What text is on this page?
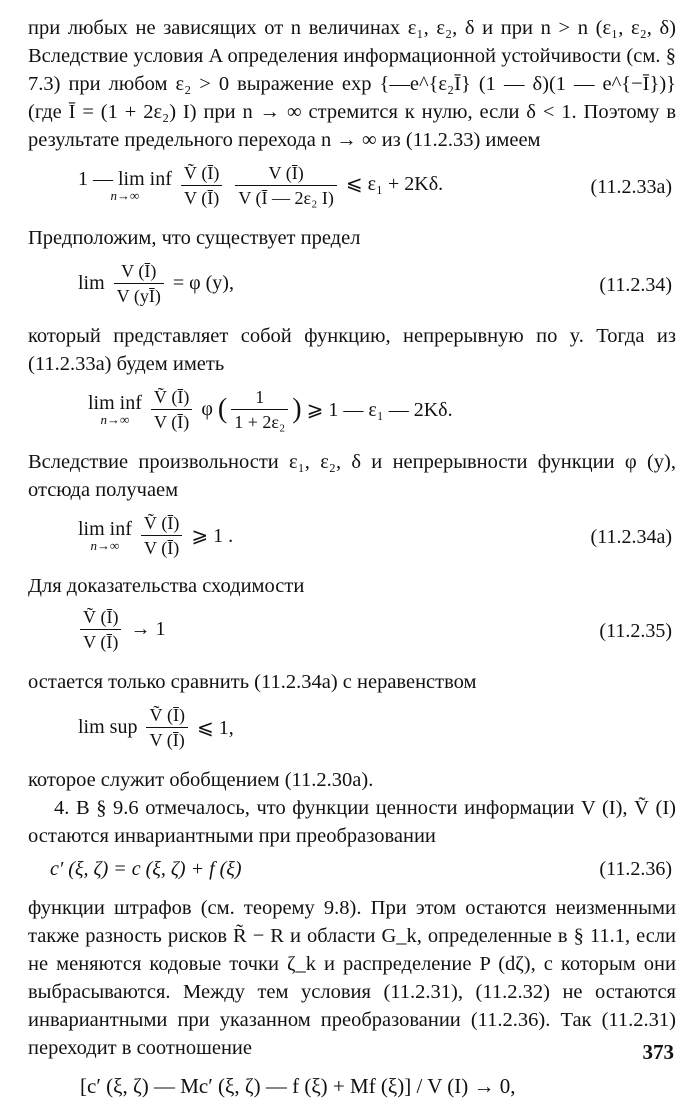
при любых не зависящих от n величинах ε₁, ε₂, δ и при n > n (ε₁, ε₂, δ) Вследствие условия A определения информационной устойчивости (см. § 7.3) при любом ε₂ > 0 выражение exp {—e^{ε₂Ī} (1 — δ)(1 — e^{−Ī})} (где Ī = (1 + 2ε₂) I) при n → ∞ стремится к нулю, если δ < 1. Поэтому в результате предельного перехода n → ∞ из (11.2.33) имеем

1 — lim inf
n→∞
	$\frac{\text{Ṽ (Ī)}}{V (Ī)}$
$\frac{V (Ī)}{\text{V (Ī — 2ε₂ I)}}$ ⩽ ε₁ + 2Kδ.	(11.2.33а)

Предположим, что существует предел

$\lim \frac{V (Ī)}{V (yĪ)} = \varphi$ (y),	(11.2.34)

который представляет собой функцию, непрерывную по y. Тогда из (11.2.33а) будем иметь

lim inf
n→∞
	$\frac{\text{Ṽ (Ī)}}{V (Ī)}$ φ ( $\frac{1}{\text{1 + 2ε₂}}$ ) ⩾ 1 — ε₁ — 2Kδ.

Вследствие произвольности ε₁, ε₂, δ и непрерывности функции φ (y), отсюда получаем

lim inf
n→∞
	$\frac{\text{Ṽ (Ī)}}{V (Ī)}$ ⩾ 1 .	(11.2.34а)

Для доказательства сходимости

$\frac{\text{Ṽ (Ī)}}{V (Ī)} \to 1$	(11.2.35)

остается только сравнить (11.2.34а) с неравенством

lim sup $\frac{\text{Ṽ (Ī)}}{V (Ī)}$ ⩽ 1,

которое служит обобщением (11.2.30а).

4. В § 9.6 отмечалось, что функции ценности информации V (I), Ṽ (I) остаются инвариантными при преобразовании

c′ (ξ, ζ) = c (ξ, ζ) + f (ξ)	(11.2.36)

функции штрафов (см. теорему 9.8). При этом остаются неизменными также разность рисков R̃ − R и области G_k, определенные в § 11.1, если не меняются кодовые точки ζ_k и распределение P (dζ), с которым они выбрасываются. Между тем условия (11.2.31), (11.2.32) не остаются инвариантными при указанном преобразовании (11.2.36). Так (11.2.31) переходит в соотношение

[c′ (ξ, ζ) — Mc′ (ξ, ζ) — f (ξ) + Mf (ξ)] / V (I) → 0,
373
